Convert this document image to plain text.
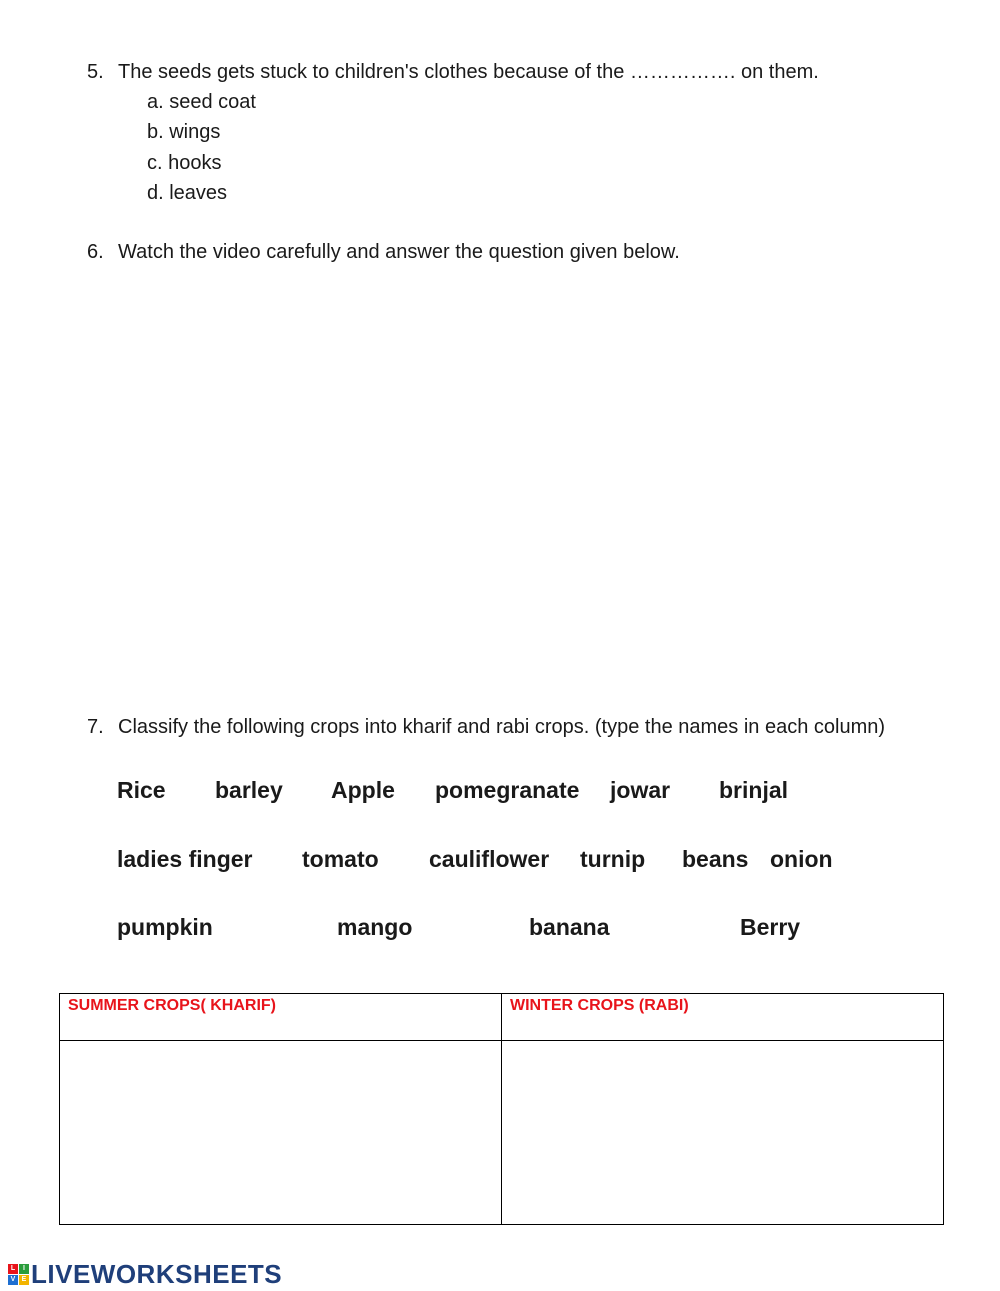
5. The seeds gets stuck to children's clothes because of the ……………. on them.
a. seed coat
b. wings
c. hooks
d. leaves
6. Watch the video carefully and answer the question given below.
7. Classify the following crops into kharif and rabi crops. (type the names in each column)
Rice barley Apple pomegranate jowar brinjal
ladies finger tomato cauliflower turnip beans onion
pumpkin	mango	banana	Berry
SUMMER CROPS( KHARIF)	WINTER CROPS (RABI)

L	I
V E LIVEWORKSHEETS
